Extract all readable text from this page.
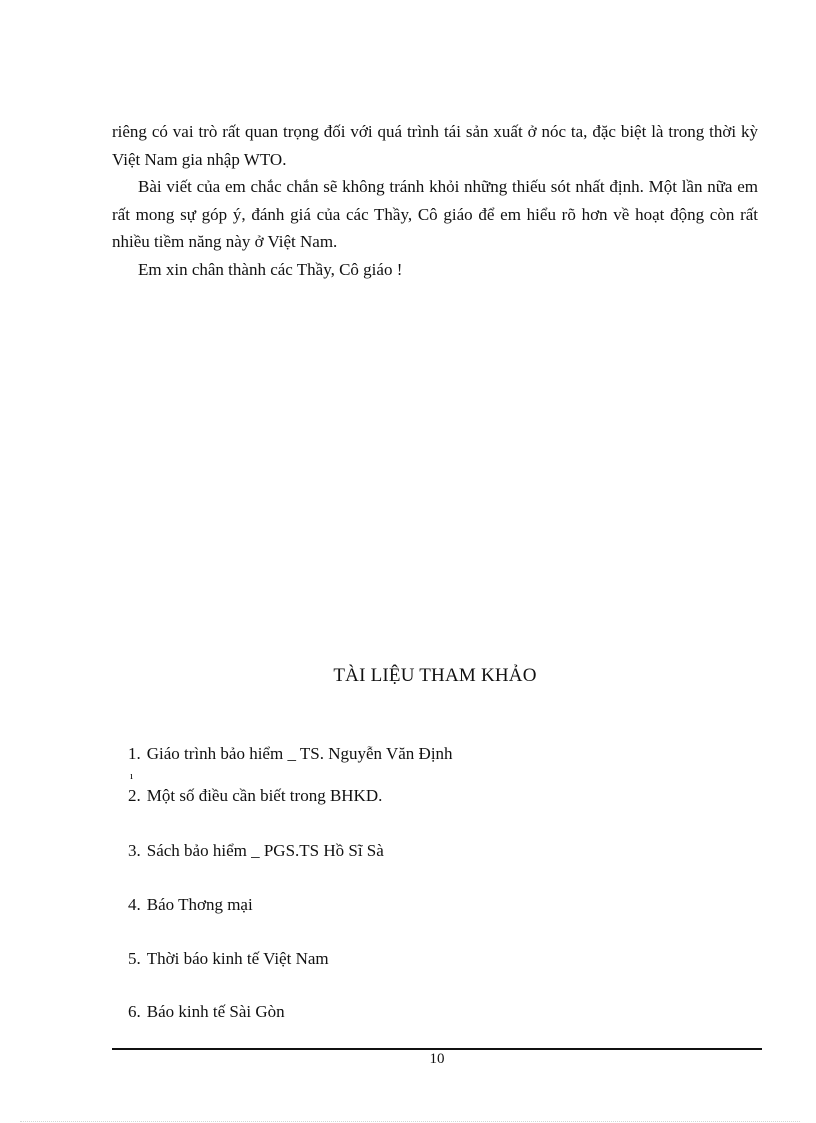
riêng có vai trò rất quan trọng đối với quá trình tái sản xuất ở nóc ta, đặc biệt là trong thời kỳ Việt Nam gia nhập WTO.

Bài viết của em chắc chắn sẽ không tránh khỏi những thiếu sót nhất định. Một lần nữa em rất mong sự góp ý, đánh giá của các Thầy, Cô giáo để em hiểu rõ hơn về hoạt động còn rất nhiều tiềm năng này ở Việt Nam.

Em xin chân thành các Thầy, Cô giáo !

TÀI LIỆU THAM KHẢO
1. Giáo trình bảo hiểm _ TS. Nguyễn Văn Định
2. Một số điều cần biết trong BHKD.
3. Sách bảo hiểm _ PGS.TS Hồ Sĩ Sà
4. Báo Thơng mại
5. Thời báo kinh tế Việt Nam
6. Báo kinh tế Sài Gòn
ı
10
